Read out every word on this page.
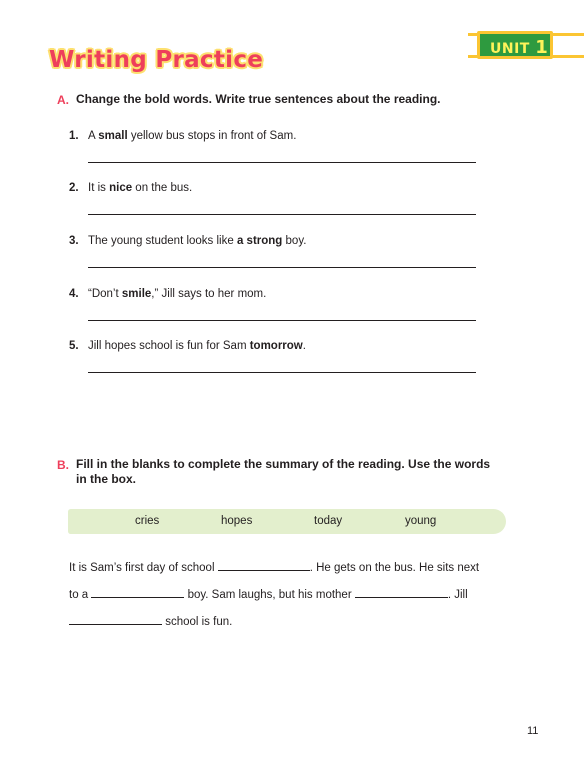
Writing Practice	UNIT 1
A. Change the bold words. Write true sentences about the reading.
1. A small yellow bus stops in front of Sam.
2. It is nice on the bus.
3. The young student looks like a strong boy.
4. “Don’t smile,” Jill says to her mom.
5. Jill hopes school is fun for Sam tomorrow.
B. Fill in the blanks to complete the summary of the reading. Use the words
in the box.
cries	hopes	today	young
It is Sam’s first day of school	. He gets on the bus. He sits next
to a	boy. Sam laughs, but his mother	. Jill
school is fun.
11
